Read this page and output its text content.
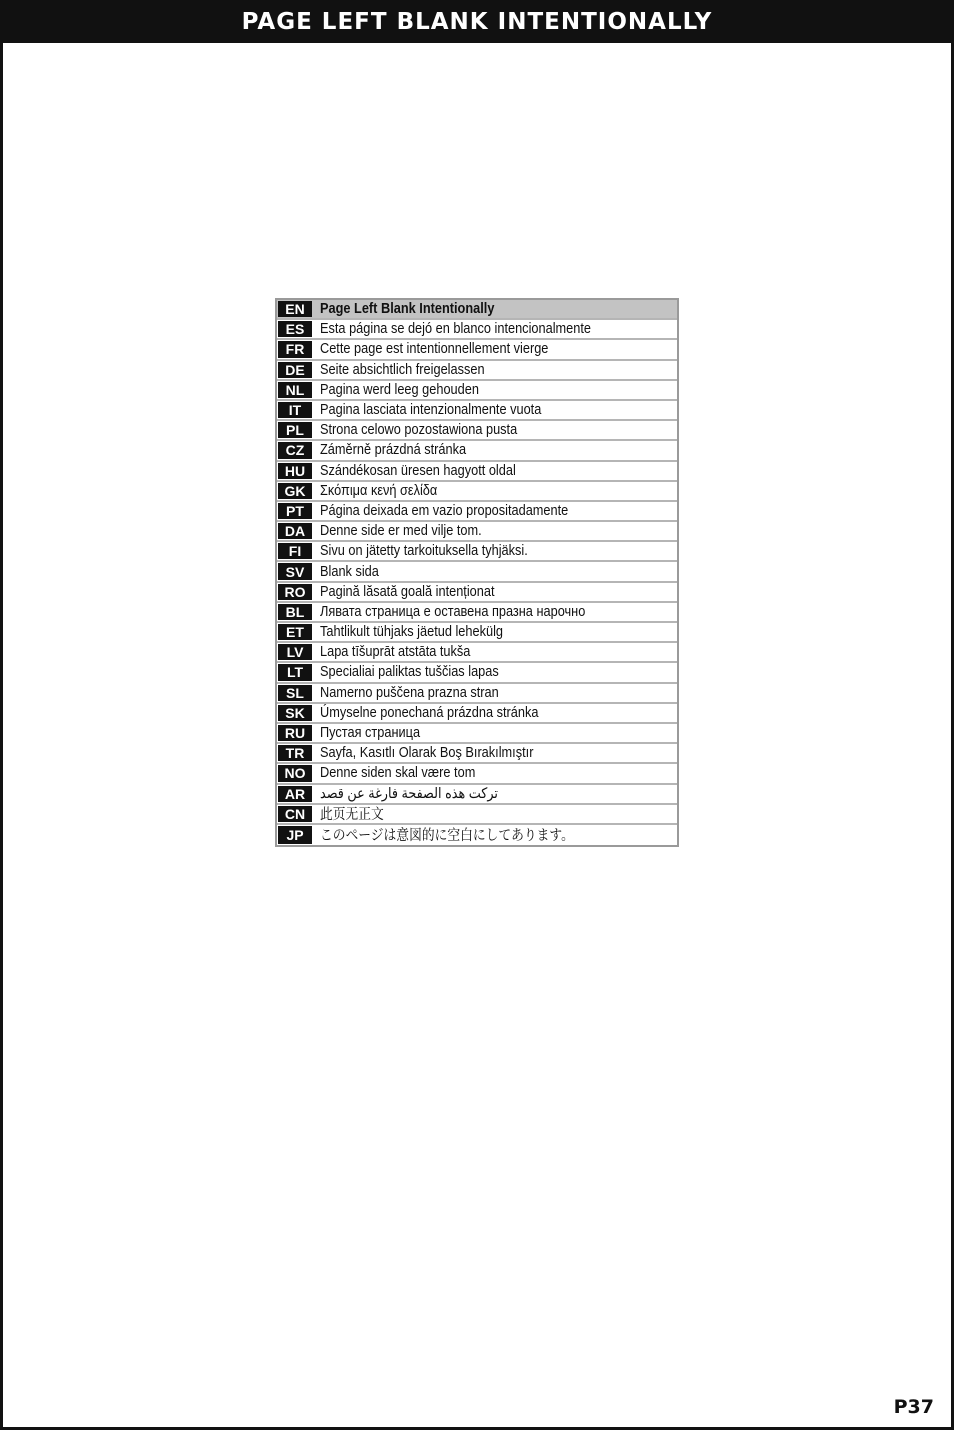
PAGE LEFT BLANK INTENTIONALLY
EN	Page Left Blank Intentionally
ES	Esta página se dejó en blanco intencionalmente
FR	Cette page est intentionnellement vierge
DE	Seite absichtlich freigelassen
NL	Pagina werd leeg gehouden
IT	Pagina lasciata intenzionalmente vuota
PL	Strona celowo pozostawiona pusta
CZ	Záměrně prázdná stránka
HU	Szándékosan üresen hagyott oldal
GK	Σκόπιμα κενή σελίδα
PT	Página deixada em vazio propositadamente
DA	Denne side er med vilje tom.
FI	Sivu on jätetty tarkoituksella tyhjäksi.
SV	Blank sida
RO	Pagină lăsată goală intenționat
BL	Лявата страница е оставена празна нарочно
ET	Tahtlikult tühjaks jäetud lehekülg
LV	Lapa tīšuprāt atstāta tukša
LT	Specialiai paliktas tuščias lapas
SL	Namerno puščena prazna stran
SK	Úmyselne ponechaná prázdna stránka
RU	Пустая страница
TR	Sayfa, Kasıtlı Olarak Boş Bırakılmıştır
NO	Denne siden skal være tom
AR	تركت هذه الصفحة فارغة عن قصد
CN	此页无正文
JP	このページは意図的に空白にしてあります。
P37
